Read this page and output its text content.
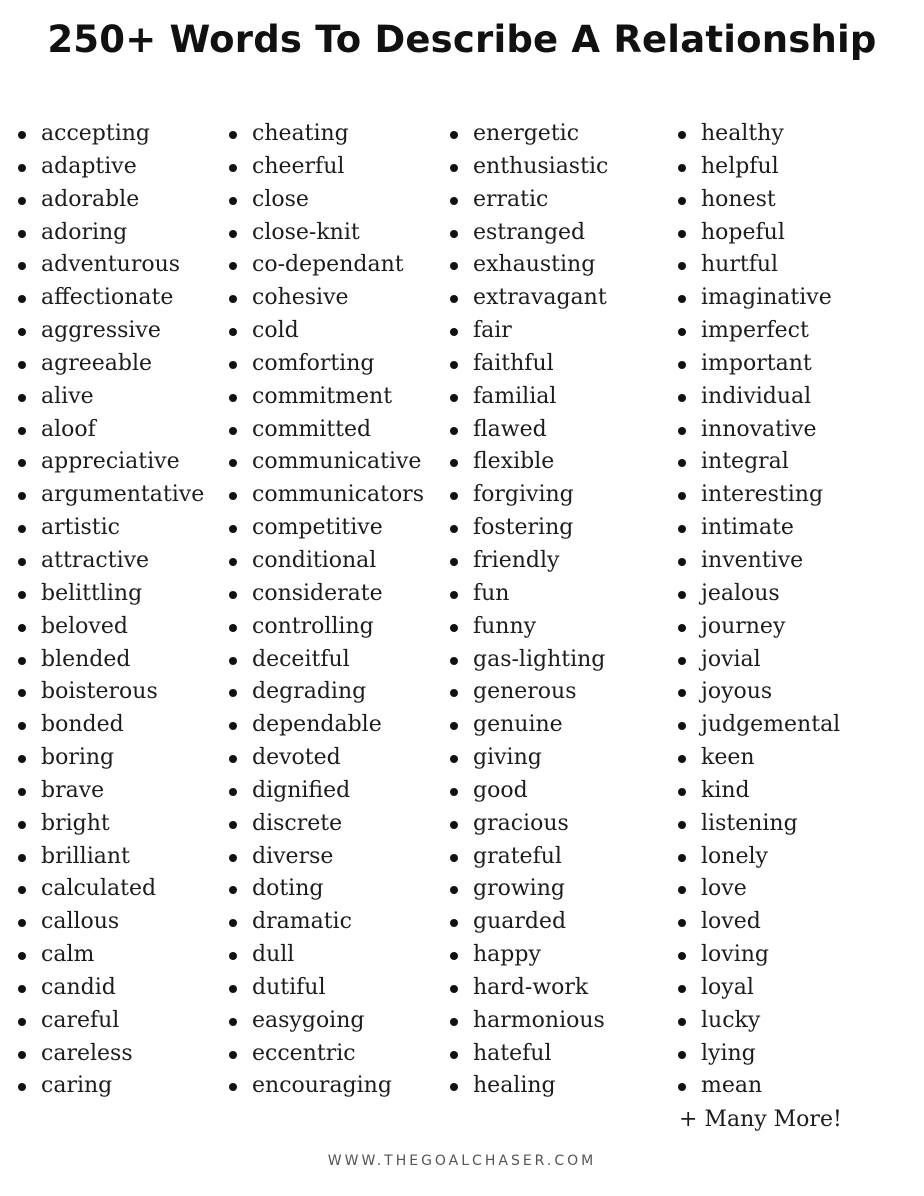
250+ Words To Describe A Relationship
accepting
adaptive
adorable
adoring
adventurous
affectionate
aggressive
agreeable
alive
aloof
appreciative
argumentative
artistic
attractive
belittling
beloved
blended
boisterous
bonded
boring
brave
bright
brilliant
calculated
callous
calm
candid
careful
careless
caring
cheating
cheerful
close
close-knit
co-dependant
cohesive
cold
comforting
commitment
committed
communicative
communicators
competitive
conditional
considerate
controlling
deceitful
degrading
dependable
devoted
dignified
discrete
diverse
doting
dramatic
dull
dutiful
easygoing
eccentric
encouraging
energetic
enthusiastic
erratic
estranged
exhausting
extravagant
fair
faithful
familial
flawed
flexible
forgiving
fostering
friendly
fun
funny
gas-lighting
generous
genuine
giving
good
gracious
grateful
growing
guarded
happy
hard-work
harmonious
hateful
healing
healthy
helpful
honest
hopeful
hurtful
imaginative
imperfect
important
individual
innovative
integral
interesting
intimate
inventive
jealous
journey
jovial
joyous
judgemental
keen
kind
listening
lonely
love
loved
loving
loyal
lucky
lying
mean
+ Many More!
WWW.THEGOALCHASER.COM
